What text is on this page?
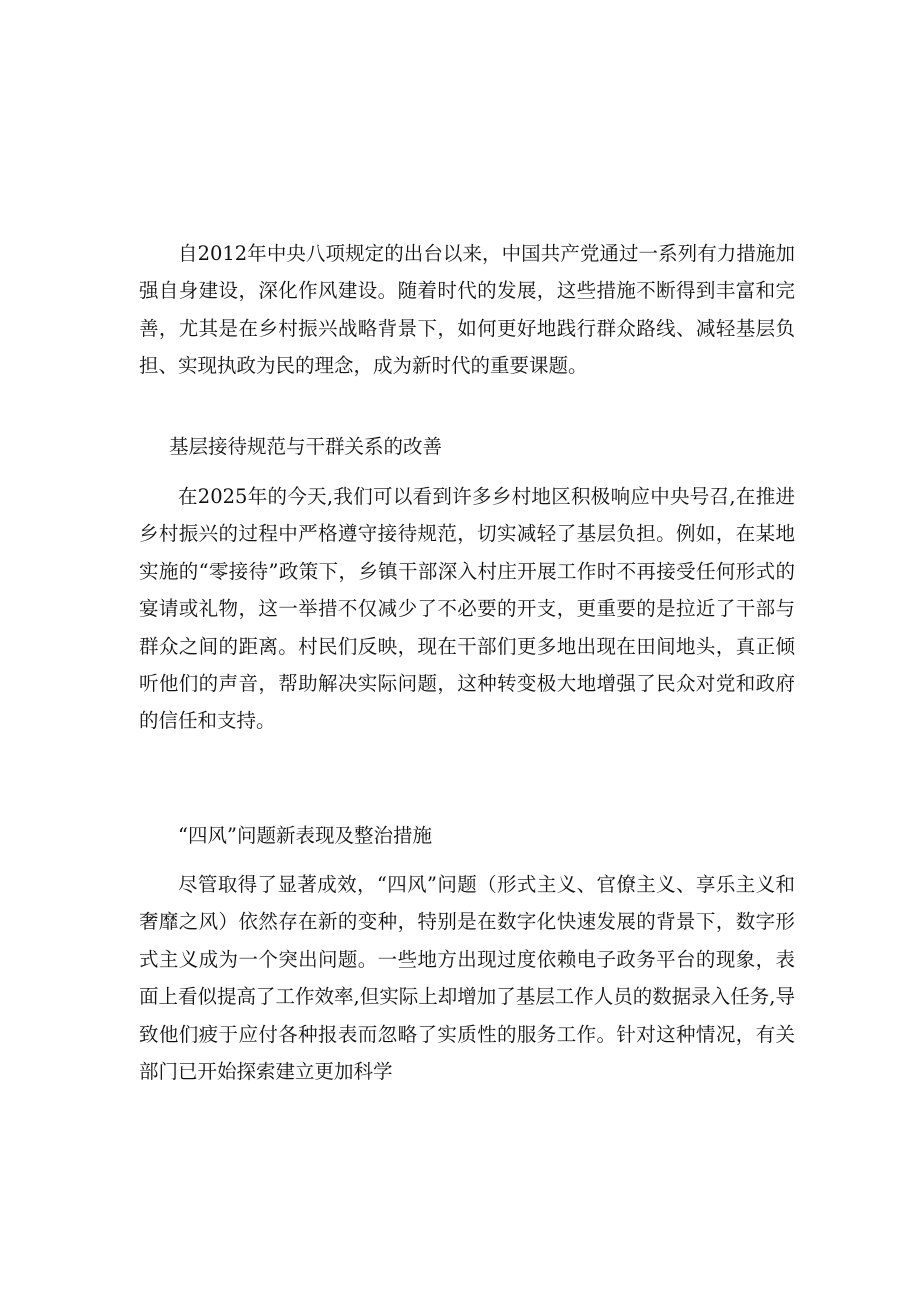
自2012年中央八项规定的出台以来，中国共产党通过一系列有力措施加强自身建设，深化作风建设。随着时代的发展，这些措施不断得到丰富和完善，尤其是在乡村振兴战略背景下，如何更好地践行群众路线、减轻基层负担、实现执政为民的理念，成为新时代的重要课题。

基层接待规范与干群关系的改善

在2025年的今天,我们可以看到许多乡村地区积极响应中央号召,在推进乡村振兴的过程中严格遵守接待规范，切实减轻了基层负担。例如，在某地实施的“零接待”政策下，乡镇干部深入村庄开展工作时不再接受任何形式的宴请或礼物，这一举措不仅减少了不必要的开支，更重要的是拉近了干部与群众之间的距离。村民们反映，现在干部们更多地出现在田间地头，真正倾听他们的声音，帮助解决实际问题，这种转变极大地增强了民众对党和政府的信任和支持。

“四风”问题新表现及整治措施

尽管取得了显著成效，“四风”问题（形式主义、官僚主义、享乐主义和奢靡之风）依然存在新的变种，特别是在数字化快速发展的背景下，数字形式主义成为一个突出问题。一些地方出现过度依赖电子政务平台的现象，表面上看似提高了工作效率,但实际上却增加了基层工作人员的数据录入任务,导致他们疲于应付各种报表而忽略了实质性的服务工作。针对这种情况，有关部门已开始探索建立更加科学
